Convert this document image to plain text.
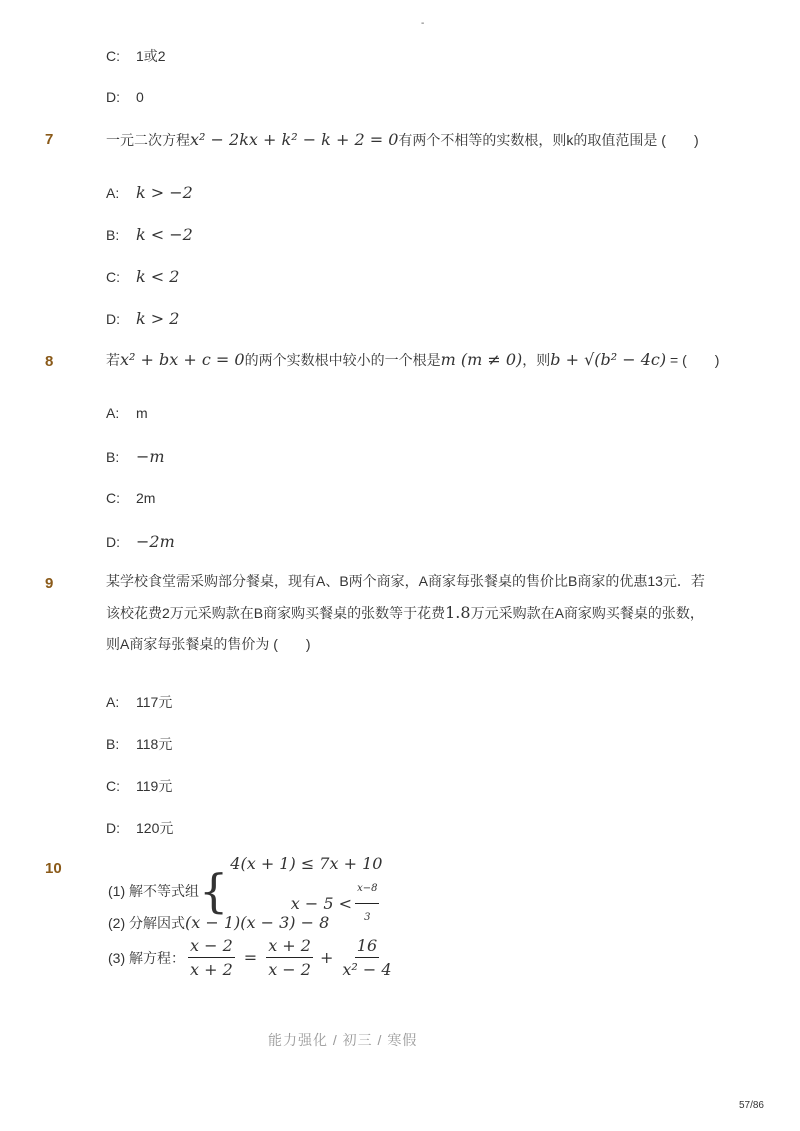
-
C: 1或2
D: 0
7	一元二次方程x² − 2kx + k² − k + 2 = 0有两个不相等的实数根，则k的取值范围是 (　　)
A: k > −2
B: k < −2
C: k < 2
D: k > 2
8	若x² + bx + c = 0的两个实数根中较小的一个根是m (m ≠ 0)，则b + √(b² − 4c) = (　　)
A: m
B: −m
C: 2m
D: −2m
9	某学校食堂需采购部分餐桌，现有A、B两个商家，A商家每张餐桌的售价比B商家的优惠13元．若
该校花费2万元采购款在B商家购买餐桌的张数等于花费1.8万元采购款在A商家购买餐桌的张数，
则A商家每张餐桌的售价为 (　　)
A: 117元
B: 118元
C: 119元
D: 120元
10
(1) 解不等式组 { 4(x + 1) ≤ 7x + 10
$x - 5 < \frac{x-8}{3}$
(2) 分解因式(x − 1)(x − 3) − 8
(3) 解方程： $\frac{x - 2}{x + 2} = \frac{x + 2}{x - 2} + \frac{16}{\text{x² − 4}}$
能力强化 / 初三 / 寒假
57/86
